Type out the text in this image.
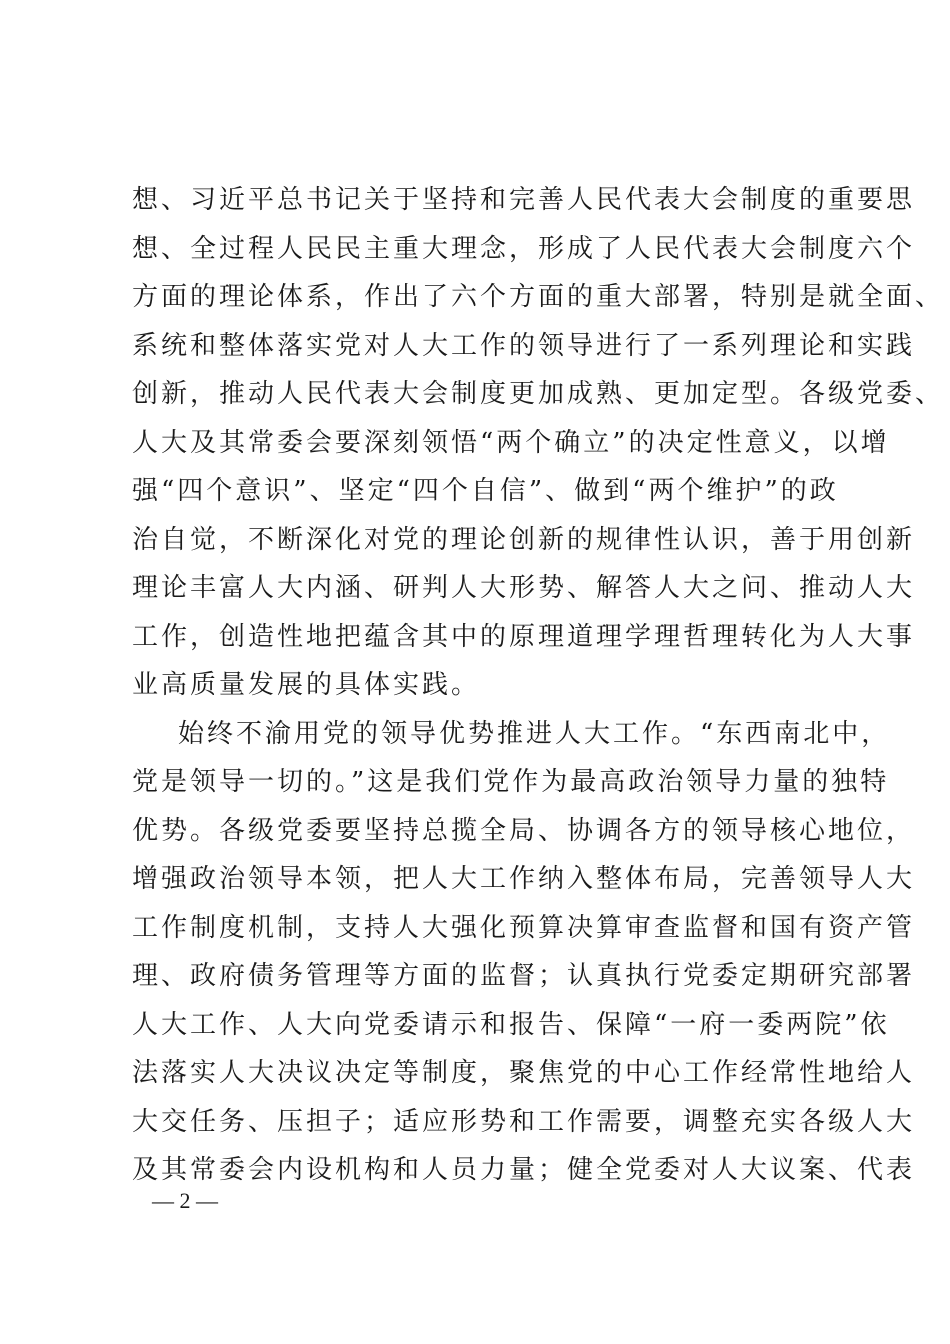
想、习近平总书记关于坚持和完善人民代表大会制度的重要思
想、全过程人民民主重大理念，形成了人民代表大会制度六个
方面的理论体系，作出了六个方面的重大部署，特别是就全面、
系统和整体落实党对人大工作的领导进行了一系列理论和实践
创新，推动人民代表大会制度更加成熟、更加定型。各级党委、
人大及其常委会要深刻领悟“两个确立”的决定性意义，以增
强“四个意识”、坚定“四个自信”、做到“两个维护”的政
治自觉，不断深化对党的理论创新的规律性认识，善于用创新
理论丰富人大内涵、研判人大形势、解答人大之问、推动人大
工作，创造性地把蕴含其中的原理道理学理哲理转化为人大事
业高质量发展的具体实践。
始终不渝用党的领导优势推进人大工作。“东西南北中，
党是领导一切的。”这是我们党作为最高政治领导力量的独特
优势。各级党委要坚持总揽全局、协调各方的领导核心地位，
增强政治领导本领，把人大工作纳入整体布局，完善领导人大
工作制度机制，支持人大强化预算决算审查监督和国有资产管
理、政府债务管理等方面的监督；认真执行党委定期研究部署
人大工作、人大向党委请示和报告、保障“一府一委两院”依
法落实人大决议决定等制度，聚焦党的中心工作经常性地给人
大交任务、压担子；适应形势和工作需要，调整充实各级人大
及其常委会内设机构和人员力量；健全党委对人大议案、代表
— 2 —
